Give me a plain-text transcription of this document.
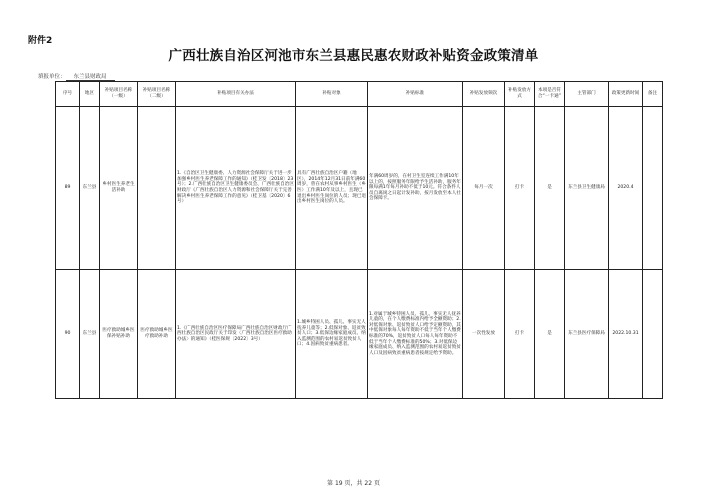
附件2
广西壮族自治区河池市东兰县惠民惠农财政补贴资金政策清单
填报单位： 东兰县财政局
序号	地区	补贴项目名称（一级）	补贴项目名称（二级）	补贴项目有关办法	补贴对象	补贴标准	补贴发放频次	补贴发放方式	本项是否符合“一卡通”	主管部门	政策更新时间	备注
89	东兰县	乡村医生养老生活补助		1.《自治区卫生健康委、人力资源社会保障厅关于进一步加强乡村医生养老保障工作的通知》（桂卫发〔2018〕23号）；2.广西壮族自治区卫生健康委员会、广西壮族自治区财政厅《广西壮族自治区人力资源和社会保障厅关于完善解决乡村医生养老保障工作的意见》（桂卫基〔2020〕6号）	具有广西壮族自治区户籍（地区），2014年12月31日前年满60周岁，曾在农村从事乡村医生（乡医）工作满10年及以上，且现已退出乡村医生岗位的人员；现已退出乡村医生岗位的人员。	年满60周岁的，在村卫生室连续工作满10年以上的，按照服务年限给予生活补助，服务年限每满1年每月补助不低于10元。符合条件人员自离岗之日起计发补助，按月发放至本人社会保障卡。	每月一次	打卡	是	东兰县卫生健康局	2020.4	
90	东兰县	医疗救助城乡医保补贴补助	医疗救助城乡医疗救助补助	1.《广西壮族自治区医疗保障局广西壮族自治区财政厅广西壮族自治区民政厅关于印发〈广西壮族自治区医疗救助办法〉的通知》（桂医保规〔2022〕3号）	1.城乡特困人员、孤儿、事实无人抚养儿童等；2.低保对象、返贫致贫人口；3.低保边缘家庭成员、纳入监测范围的农村易返贫致贫人口；4.因病致贫重病患者。	1.对属于城乡特困人员、孤儿、事实无人抚养儿童的，在个人缴费标准内给予全额资助；2.对低保对象、返贫致贫人口给予定额资助，其中低保对象每人每年资助不低于当年个人缴费标准的70%，返贫致贫人口每人每年资助不低于当年个人缴费标准的50%；3.对低保边缘家庭成员、纳入监测范围的农村易返贫致贫人口及因病致贫重病患者按规定给予资助。	一次性发放	打卡	是	东兰县医疗保障局	2022.10.31	
第 19 页，共 22 页
